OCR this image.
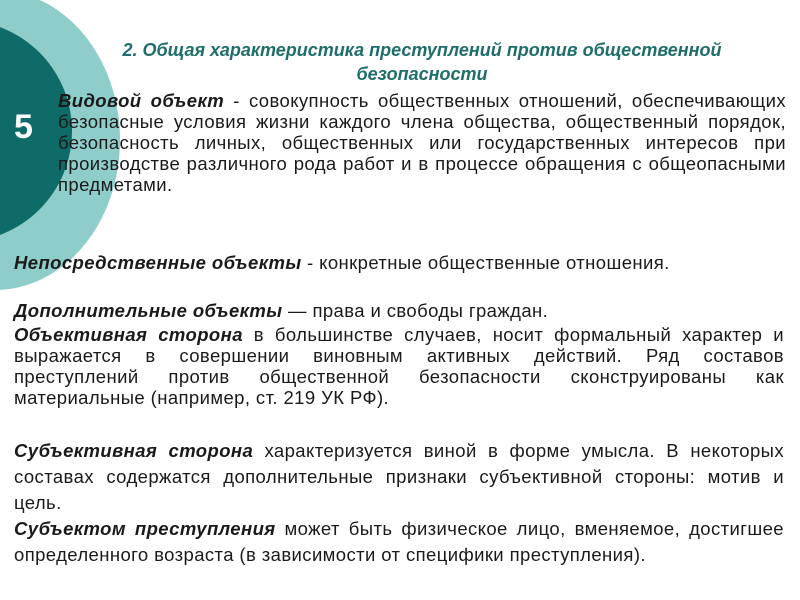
5
2. Общая характеристика преступлений против общественной
безопасности
Видовой объект - совокупность общественных отношений, обеспечивающих безопасные условия жизни каждого члена общества, общественный порядок, безопасность личных, общественных или государственных интересов при производстве различного рода работ и в процессе обращения с общеопасными предметами.
Непосредственные объекты - конкретные общественные отношения.
Дополнительные объекты — права и свободы граждан.
Объективная сторона в большинстве случаев, носит формальный характер и выражается в совершении виновным активных действий. Ряд составов преступлений против общественной безопасности сконструированы как материальные (например, ст. 219 УК РФ).
Субъективная сторона характеризуется виной в форме умысла. В некоторых составах содержатся дополнительные признаки субъективной стороны: мотив и цель.
Субъектом преступления может быть физическое лицо, вменяемое, достигшее определенного возраста (в зависимости от специфики преступления).
